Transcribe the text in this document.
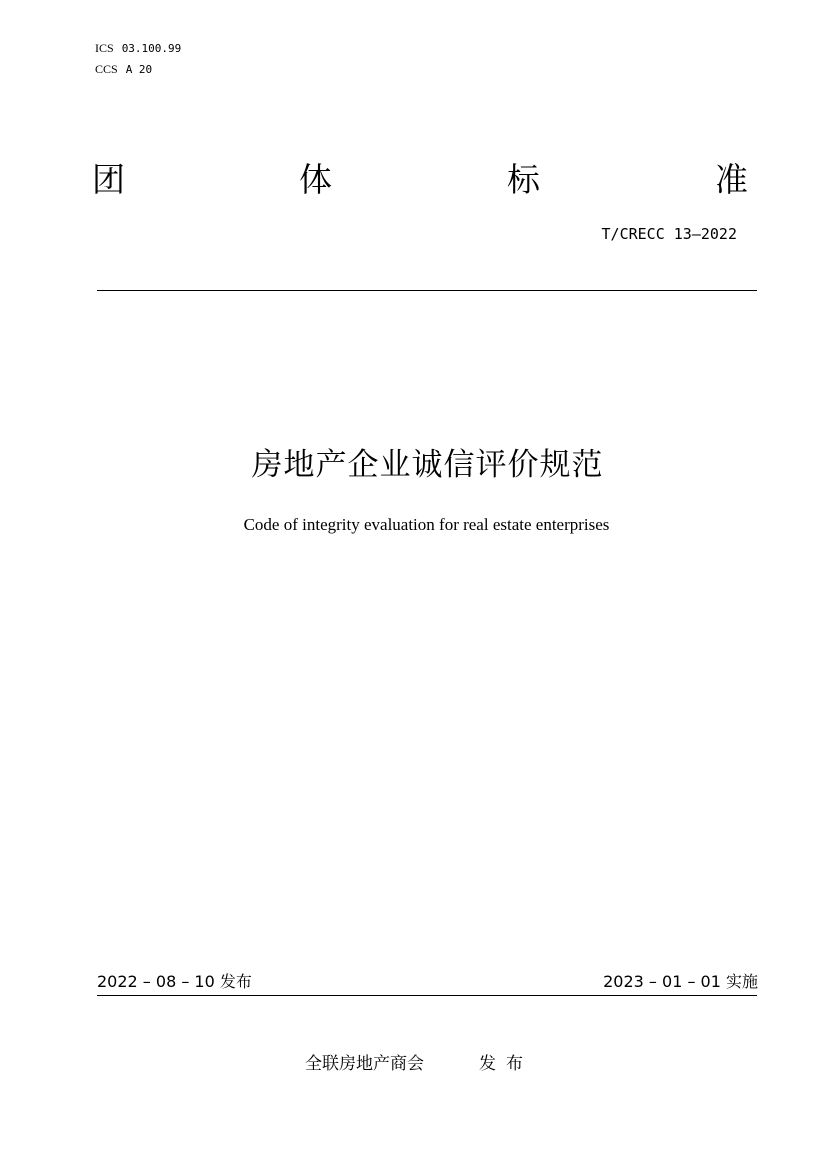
ICS 03.100.99
CCS A 20
团	体	标	准
T/CRECC 13—2022
房地产企业诚信评价规范
Code of integrity evaluation for real estate enterprises
2022 – 08 – 10 发布	2023 – 01 – 01 实施
全联房地产商会	发布
